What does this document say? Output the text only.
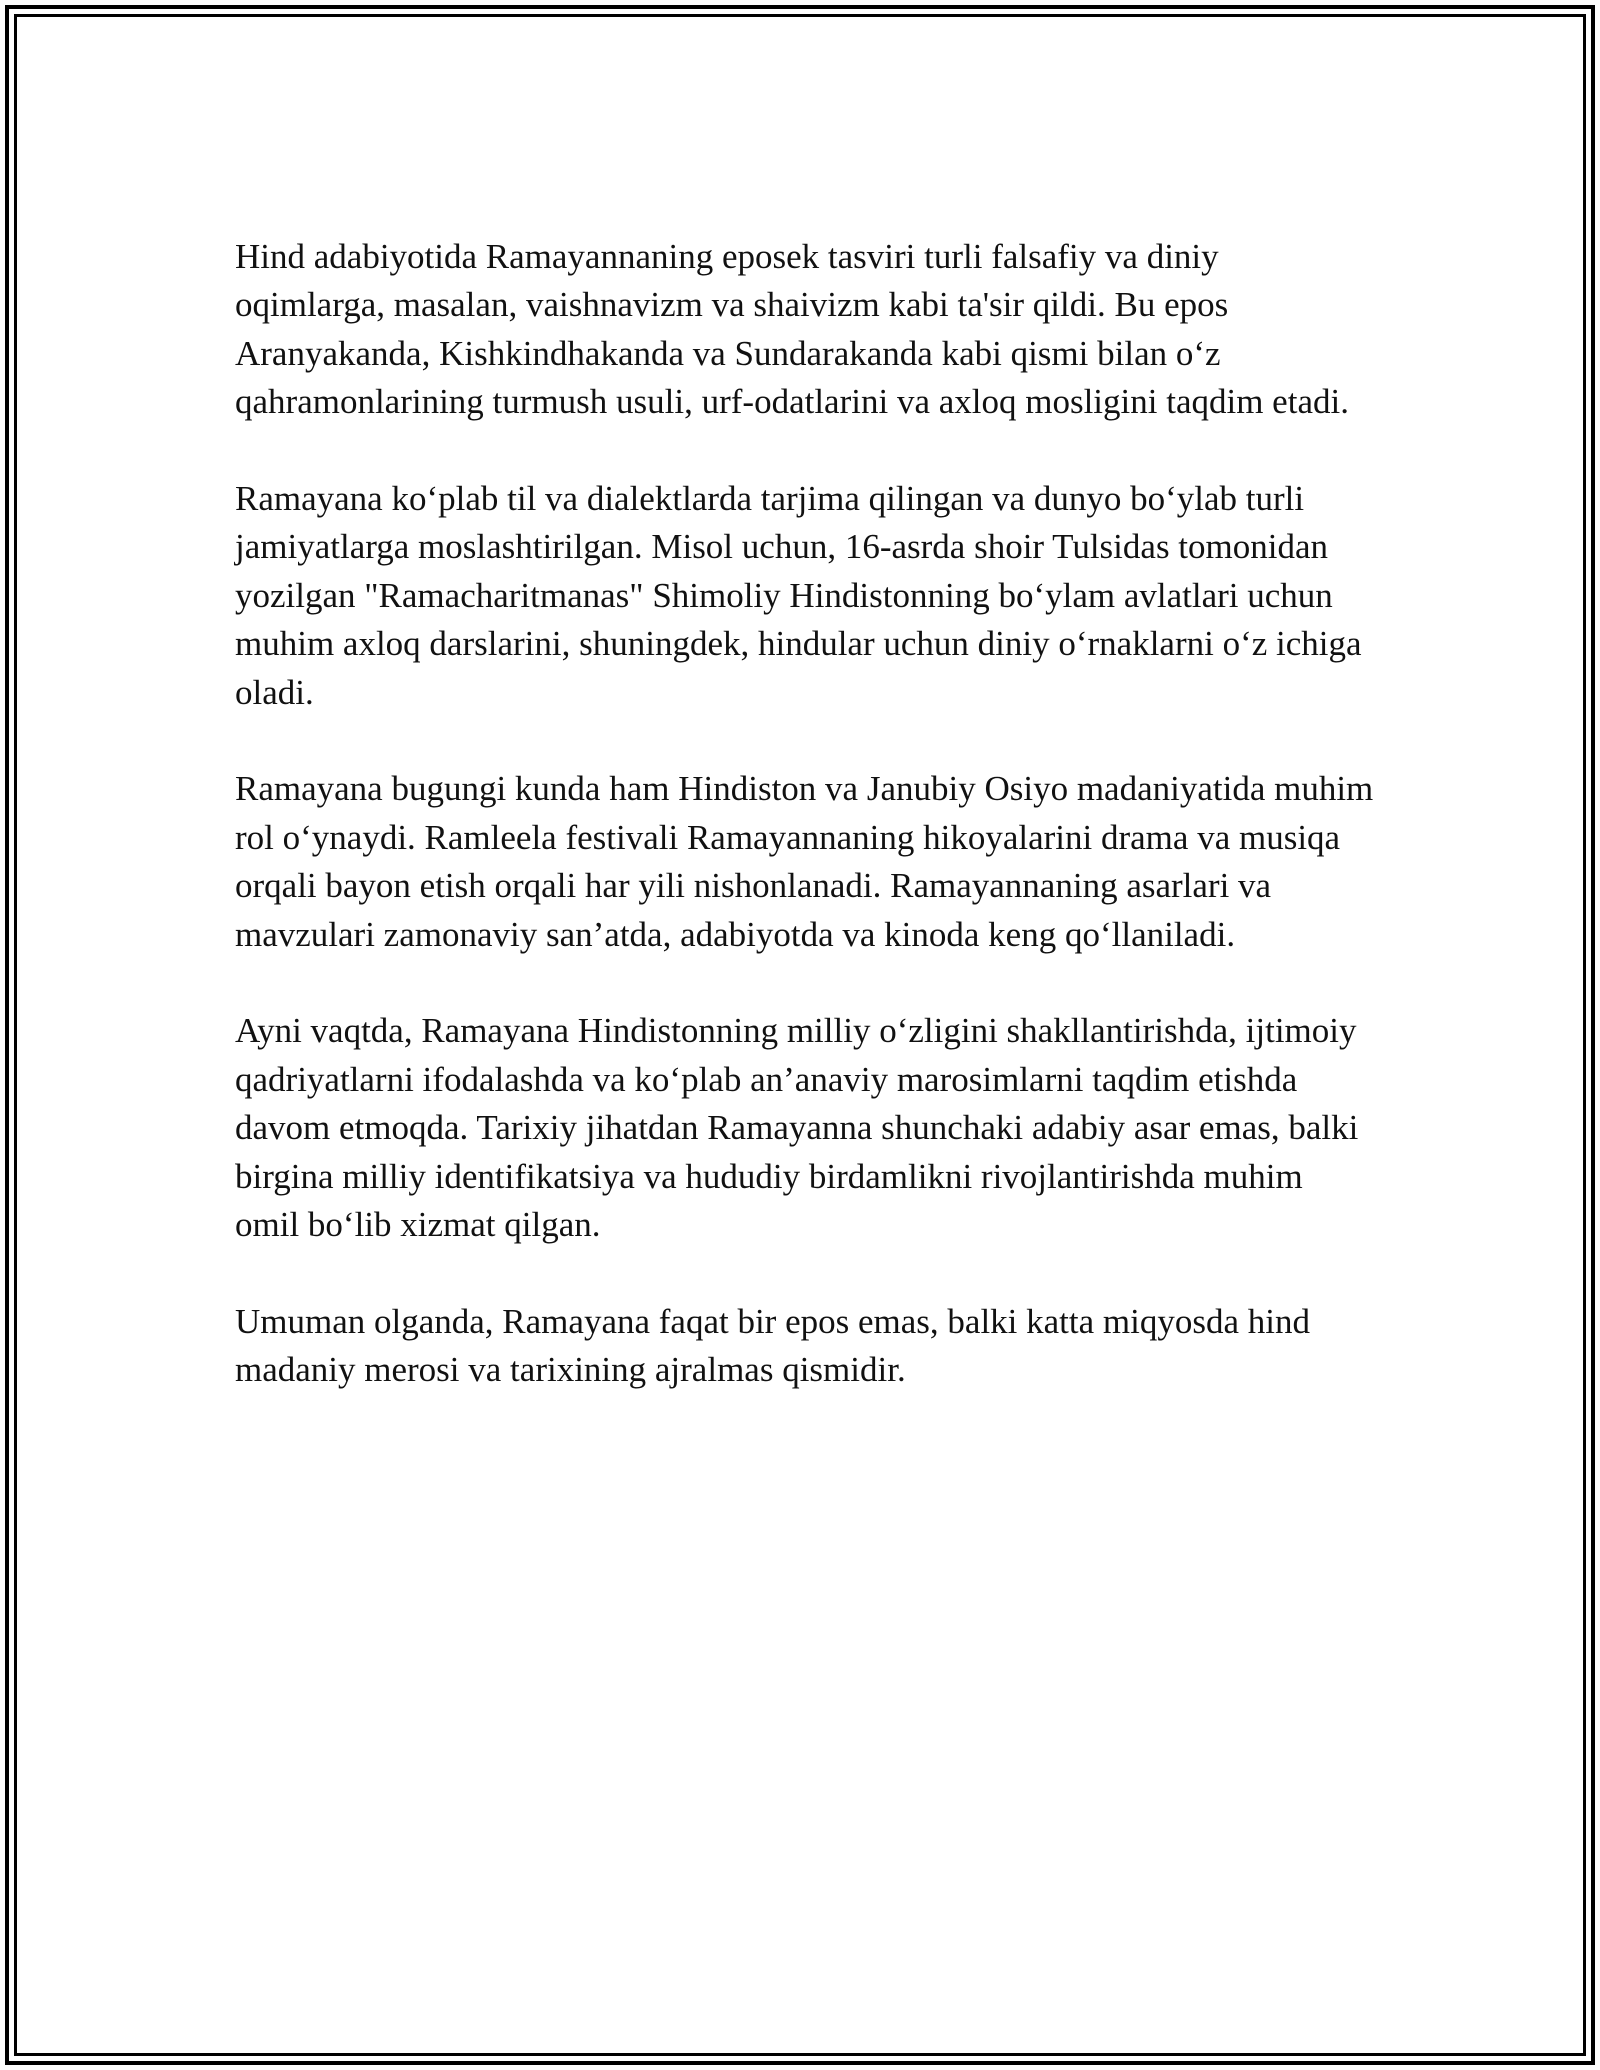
Hind adabiyotida Ramayannaning eposek tasviri turli falsafiy va diniy oqimlarga, masalan, vaishnavizm va shaivizm kabi ta'sir qildi. Bu epos Aranyakanda, Kishkindhakanda va Sundarakanda kabi qismi bilan o‘z qahramonlarining turmush usuli, urf-odatlarini va axloq mosligini taqdim etadi.

Ramayana ko‘plab til va dialektlarda tarjima qilingan va dunyo bo‘ylab turli jamiyatlarga moslashtirilgan. Misol uchun, 16-asrda shoir Tulsidas tomonidan yozilgan "Ramacharitmanas" Shimoliy Hindistonning bo‘ylam avlatlari uchun muhim axloq darslarini, shuningdek, hindular uchun diniy o‘rnaklarni o‘z ichiga oladi.

Ramayana bugungi kunda ham Hindiston va Janubiy Osiyo madaniyatida muhim rol o‘ynaydi. Ramleela festivali Ramayannaning hikoyalarini drama va musiqa orqali bayon etish orqali har yili nishonlanadi. Ramayannaning asarlari va mavzulari zamonaviy san’atda, adabiyotda va kinoda keng qo‘llaniladi.

Ayni vaqtda, Ramayana Hindistonning milliy o‘zligini shakllantirishda, ijtimoiy qadriyatlarni ifodalashda va ko‘plab an’anaviy marosimlarni taqdim etishda davom etmoqda. Tarixiy jihatdan Ramayanna shunchaki adabiy asar emas, balki birgina milliy identifikatsiya va hududiy birdamlikni rivojlantirishda muhim omil bo‘lib xizmat qilgan.

Umuman olganda, Ramayana faqat bir epos emas, balki katta miqyosda hind madaniy merosi va tarixining ajralmas qismidir.
